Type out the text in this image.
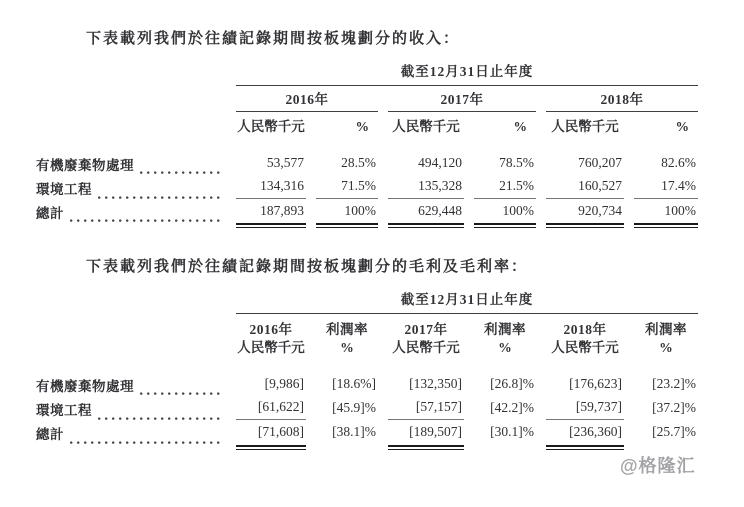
下表載列我們於往績記錄期間按板塊劃分的收入：

	截至12月31日止年度					
	2016年		2017年		2018年	
	人民幣千元	%	人民幣千元	%	人民幣千元	%

有機廢棄物處理	53,577	28.5%	494,120	78.5%	760,207	82.6%

環境工程	134,316	71.5%	135,328	21.5%	160,527	17.4%

總計	187,893	100%	629,448	100%	920,734	100%

下表載列我們於往績記錄期間按板塊劃分的毛利及毛利率：

	截至12月31日止年度					
	2016年	利潤率	2017年	利潤率	2018年	利潤率
	人民幣千元	%	人民幣千元	%	人民幣千元	%

有機廢棄物處理	[9,986]	[18.6%]	[132,350]	[26.8]%	[176,623]	[23.2]%

環境工程	[61,622]	[45.9]%	[57,157]	[42.2]%	[59,737]	[37.2]%

總計	[71,608]	[38.1]%	[189,507]	[30.1]%	[236,360]	[25.7]%

@格隆汇
